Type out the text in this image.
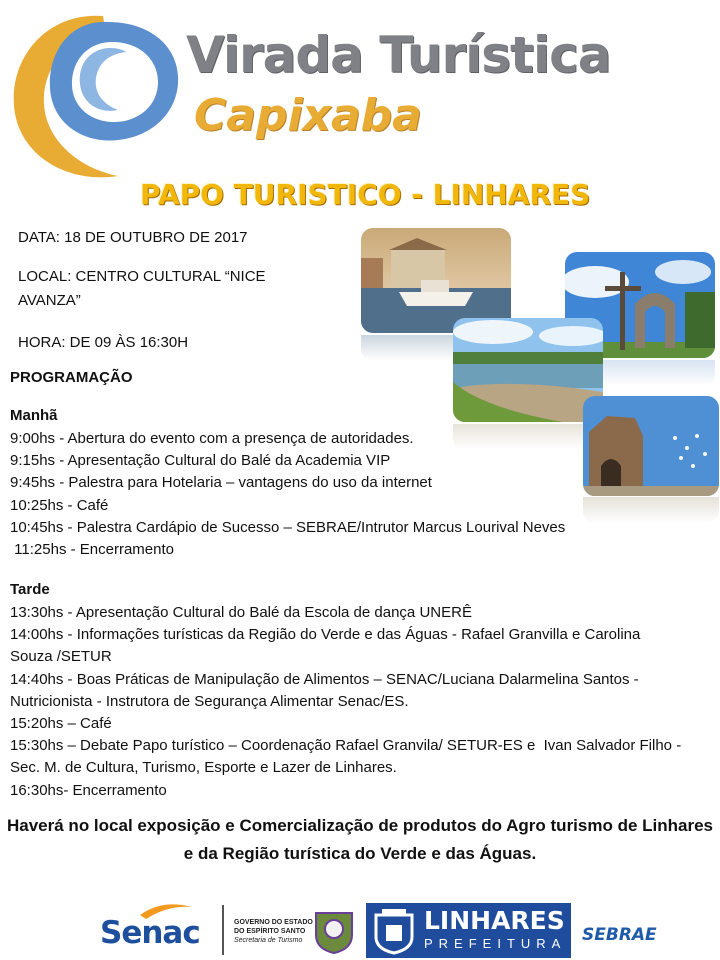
Virada Turística
Capixaba
PAPO TURISTICO - LINHARES

DATA: 18 DE OUTUBRO DE 2017

LOCAL: CENTRO CULTURAL “NICE AVANZA”

HORA: DE 09 ÀS 16:30H

PROGRAMAÇÃO
Manhã
9:00hs - Abertura do evento com a presença de autoridades.
9:15hs - Apresentação Cultural do Balé da Academia VIP
9:45hs - Palestra para Hotelaria – vantagens do uso da internet
10:25hs - Café
10:45hs - Palestra Cardápio de Sucesso – SEBRAE/Intrutor Marcus Lourival Neves
11:25hs - Encerramento
Tarde
13:30hs - Apresentação Cultural do Balé da Escola de dança UNERÊ
14:00hs - Informações turísticas da Região do Verde e das Águas - Rafael Granvilla e Carolina Souza /SETUR
14:40hs - Boas Práticas de Manipulação de Alimentos – SENAC/Luciana Dalarmelina Santos - Nutricionista - Instrutora de Segurança Alimentar Senac/ES.
15:20hs – Café
15:30hs – Debate Papo turístico – Coordenação Rafael Granvila/ SETUR-ES e  Ivan Salvador Filho - Sec. M. de Cultura, Turismo, Esporte e Lazer de Linhares.
16:30hs- Encerramento

Haverá no local exposição e Comercialização de produtos do Agro turismo de Linhares e da Região turística do Verde e das Águas.

Senac	GOVERNO DO ESTADO
DO ESPÍRITO SANTO
Secretaria de Turismo
LINHARES
PREFEITURA SEBRAE
